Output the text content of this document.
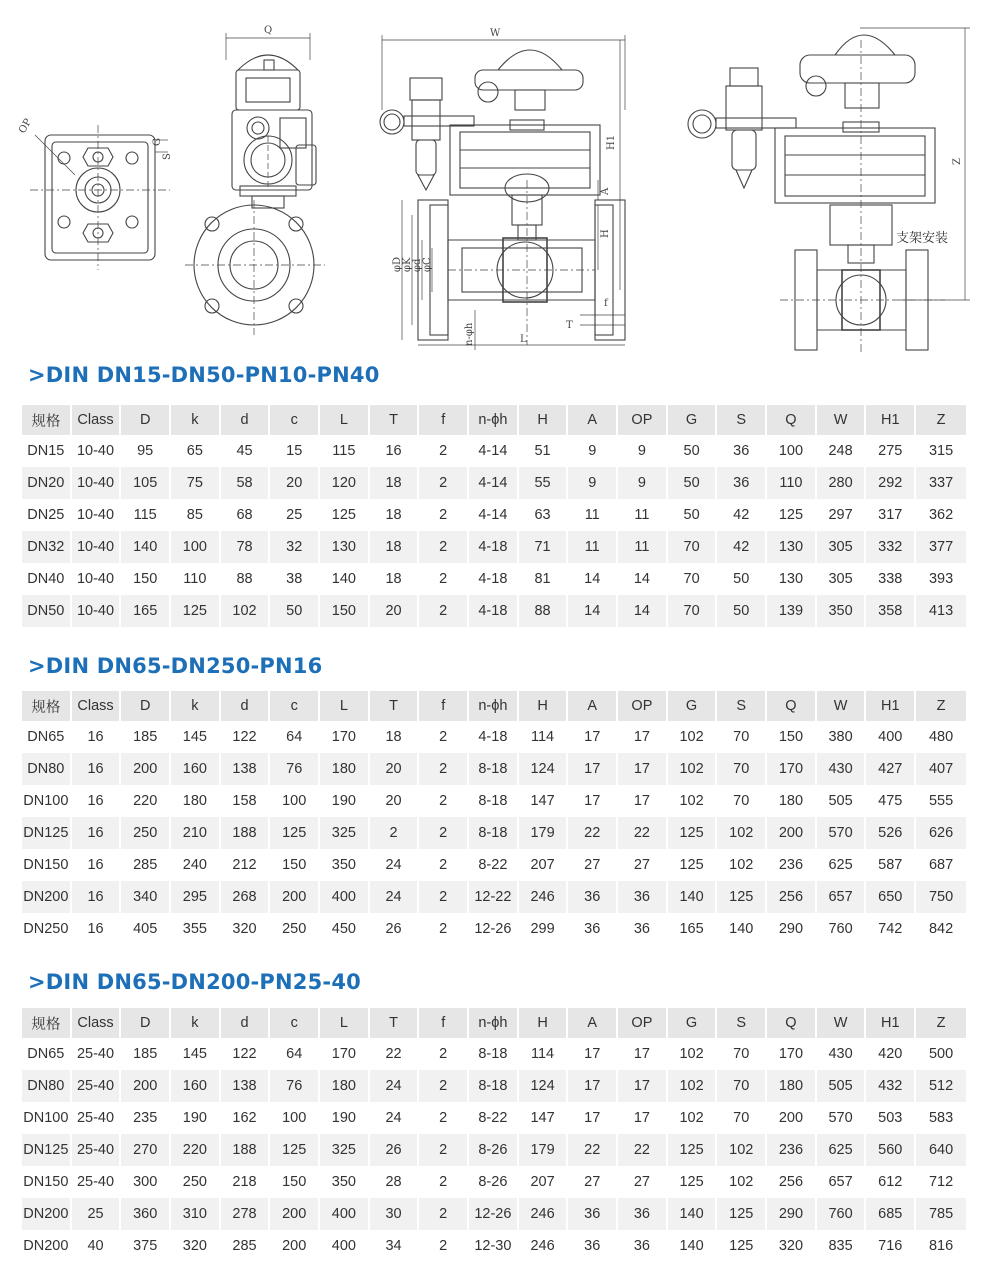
OP
G
S
Q	W
H1
A
H
φD φK φd φC
f
T
n-φh	L
Z
支架安装
>DIN DN15-DN50-PN10-PN40
规格	Class	D	k	d	c	L	T	f	n-ϕh	H	A	OP	G	S	Q	W	H1	Z
DN15	10-40	95	65	45	15	115	16	2	4-14	51	9	9	50	36	100	248	275	315
DN20	10-40	105	75	58	20	120	18	2	4-14	55	9	9	50	36	110	280	292	337
DN25	10-40	115	85	68	25	125	18	2	4-14	63	11	11	50	42	125	297	317	362
DN32	10-40	140	100	78	32	130	18	2	4-18	71	11	11	70	42	130	305	332	377
DN40	10-40	150	110	88	38	140	18	2	4-18	81	14	14	70	50	130	305	338	393
DN50	10-40	165	125	102	50	150	20	2	4-18	88	14	14	70	50	139	350	358	413
>DIN DN65-DN250-PN16
规格	Class	D	k	d	c	L	T	f	n-ϕh	H	A	OP	G	S	Q	W	H1	Z
DN65	16	185	145	122	64	170	18	2	4-18	114	17	17	102	70	150	380	400	480
DN80	16	200	160	138	76	180	20	2	8-18	124	17	17	102	70	170	430	427	407
DN100	16	220	180	158	100	190	20	2	8-18	147	17	17	102	70	180	505	475	555
DN125	16	250	210	188	125	325	2	2	8-18	179	22	22	125	102	200	570	526	626
DN150	16	285	240	212	150	350	24	2	8-22	207	27	27	125	102	236	625	587	687
DN200	16	340	295	268	200	400	24	2	12-22	246	36	36	140	125	256	657	650	750
DN250	16	405	355	320	250	450	26	2	12-26	299	36	36	165	140	290	760	742	842
>DIN DN65-DN200-PN25-40
规格	Class	D	k	d	c	L	T	f	n-ϕh	H	A	OP	G	S	Q	W	H1	Z
DN65	25-40	185	145	122	64	170	22	2	8-18	114	17	17	102	70	170	430	420	500
DN80	25-40	200	160	138	76	180	24	2	8-18	124	17	17	102	70	180	505	432	512
DN100	25-40	235	190	162	100	190	24	2	8-22	147	17	17	102	70	200	570	503	583
DN125	25-40	270	220	188	125	325	26	2	8-26	179	22	22	125	102	236	625	560	640
DN150	25-40	300	250	218	150	350	28	2	8-26	207	27	27	125	102	256	657	612	712
DN200	25	360	310	278	200	400	30	2	12-26	246	36	36	140	125	290	760	685	785
DN200	40	375	320	285	200	400	34	2	12-30	246	36	36	140	125	320	835	716	816
